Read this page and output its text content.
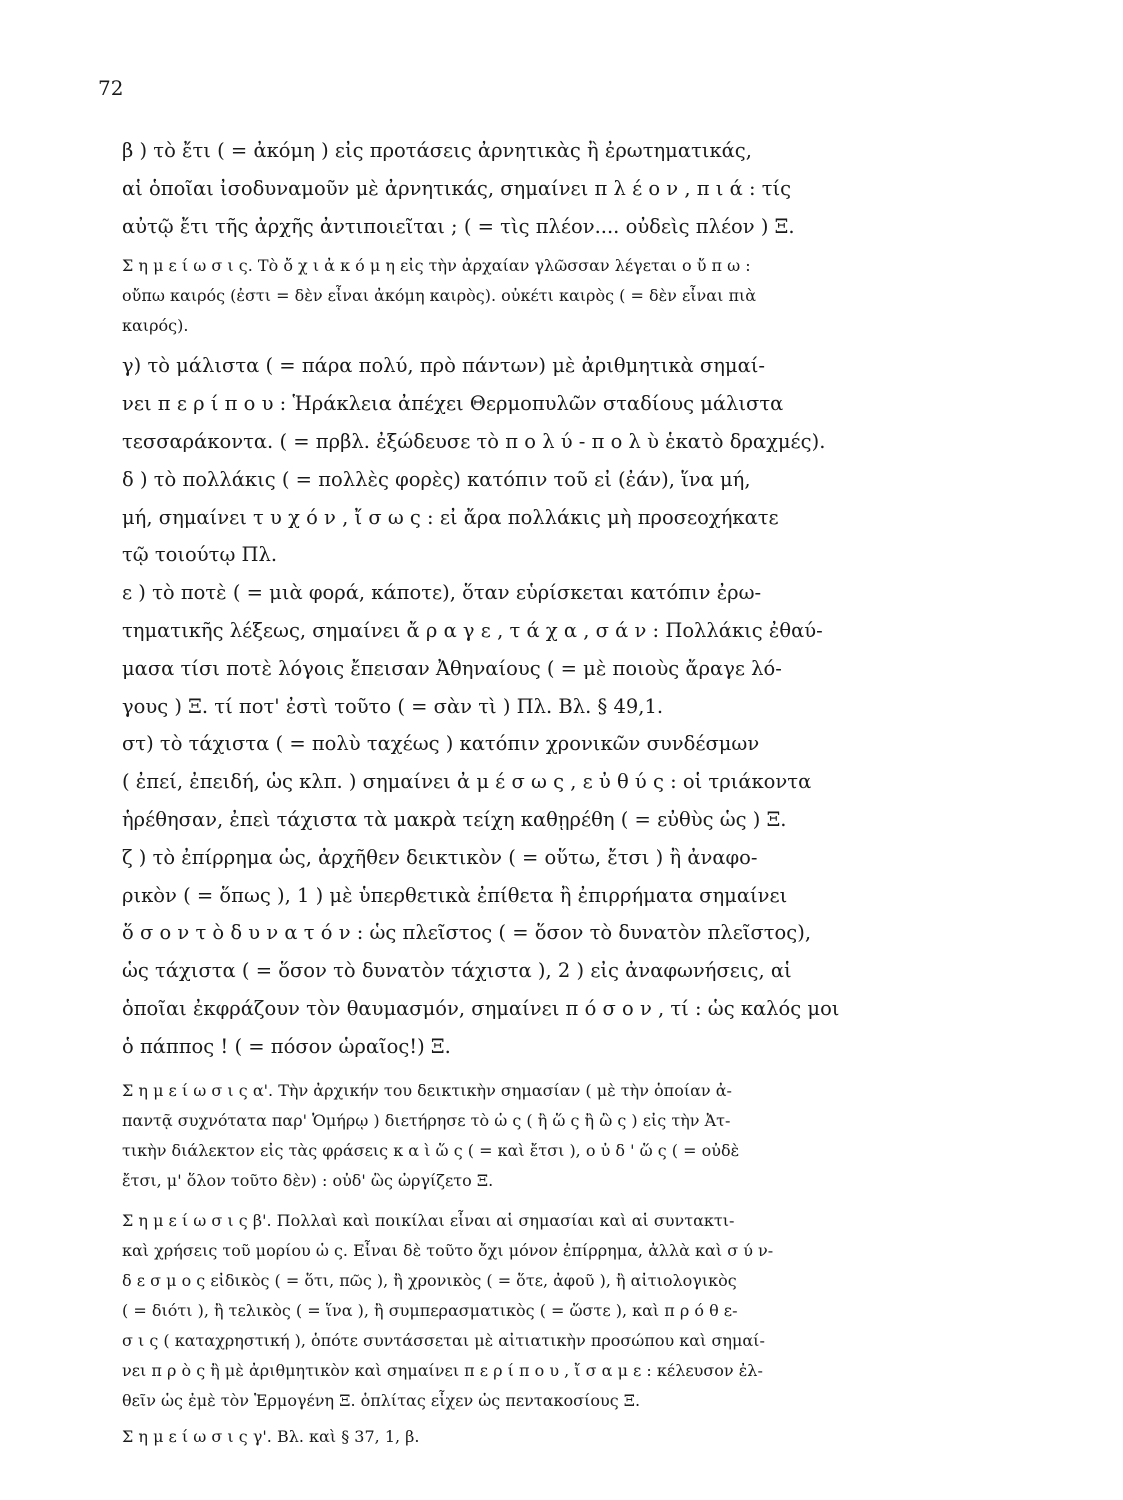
72
β ) τὸ ἔτι ( = ἀκόμη ) εἰς προτάσεις ἀρνητικὰς ἢ ἐρωτηματικάς,
αἱ ὁποῖαι ἰσοδυναμοῦν μὲ ἀρνητικάς, σημαίνει π λ έ ο ν , π ι ά : τίς
αὐτῷ ἔτι τῆς ἀρχῆς ἀντιποιεῖται ; ( = τὶς πλέον.... οὐδεὶς πλέον ) Ξ.
Σ η μ ε ί ω σ ι ς. Τὸ ὄ χ ι ἀ κ ό μ η εἰς τὴν ἀρχαίαν γλῶσσαν λέγεται ο ὔ π ω :
οὔπω καιρός (ἐστι = δὲν εἶναι ἀκόμη καιρὸς). οὐκέτι καιρὸς ( = δὲν εἶναι πιὰ
καιρός).
γ) τὸ μάλιστα ( = πάρα πολύ, πρὸ πάντων) μὲ ἀριθμητικὰ σημαί-
νει π ε ρ ί π ο υ : Ἡράκλεια ἀπέχει Θερμοπυλῶν σταδίους μάλιστα
τεσσαράκοντα. ( = πρβλ. ἐξώδευσε τὸ π ο λ ύ - π ο λ ὺ ἑκατὸ δραχμές).
δ ) τὸ πολλάκις ( = πολλὲς φορὲς) κατόπιν τοῦ εἰ (ἐάν), ἵνα μή,
μή, σημαίνει τ υ χ ό ν , ἴ σ ω ς : εἰ ἄρα πολλάκις μὴ προσεοχήκατε
τῷ τοιούτῳ Πλ.
ε ) τὸ ποτὲ ( = μιὰ φορά, κάποτε), ὅταν εὑρίσκεται κατόπιν ἐρω-
τηματικῆς λέξεως, σημαίνει ἄ ρ α γ ε , τ ά χ α , σ ά ν : Πολλάκις ἐθαύ-
μασα τίσι ποτὲ λόγοις ἔπεισαν Ἀθηναίους ( = μὲ ποιοὺς ἄραγε λό-
γους ) Ξ. τί ποτ' ἐστὶ τοῦτο ( = σὰν τὶ ) Πλ. Βλ. § 49,1.
στ) τὸ τάχιστα ( = πολὺ ταχέως ) κατόπιν χρονικῶν συνδέσμων
( ἐπεί, ἐπειδή, ὡς κλπ. ) σημαίνει ἀ μ έ σ ω ς , ε ὐ θ ύ ς : οἱ τριάκοντα
ἡρέθησαν, ἐπεὶ τάχιστα τὰ μακρὰ τείχη καθῃρέθη ( = εὐθὺς ὡς ) Ξ.
ζ ) τὸ ἐπίρρημα ὡς, ἀρχῆθεν δεικτικὸν ( = οὕτω, ἔτσι ) ἢ ἀναφο-
ρικὸν ( = ὅπως ), 1 ) μὲ ὑπερθετικὰ ἐπίθετα ἢ ἐπιρρήματα σημαίνει
ὅ σ ο ν τ ὸ δ υ ν α τ ό ν : ὡς πλεῖστος ( = ὅσον τὸ δυνατὸν πλεῖστος),
ὡς τάχιστα ( = ὅσον τὸ δυνατὸν τάχιστα ), 2 ) εἰς ἀναφωνήσεις, αἱ
ὁποῖαι ἐκφράζουν τὸν θαυμασμόν, σημαίνει π ό σ ο ν , τί : ὡς καλός μοι
ὁ πάππος ! ( = πόσον ὡραῖος!) Ξ.
Σ η μ ε ί ω σ ι ς α'. Τὴν ἀρχικήν του δεικτικὴν σημασίαν ( μὲ τὴν ὁποίαν ἀ-
παντᾷ συχνότατα παρ' Ὁμήρῳ ) διετήρησε τὸ ὡ ς ( ἢ ὥ ς ἢ ὣ ς ) εἰς τὴν Ἀτ-
τικὴν διάλεκτον εἰς τὰς φράσεις κ α ὶ ὥ ς ( = καὶ ἔτσι ), ο ὐ δ ' ὥ ς ( = οὐδὲ
ἔτσι, μ' ὅλον τοῦτο δὲν) : οὐδ' ὣς ὠργίζετο Ξ.
Σ η μ ε ί ω σ ι ς β'. Πολλαὶ καὶ ποικίλαι εἶναι αἱ σημασίαι καὶ αἱ συντακτι-
καὶ χρήσεις τοῦ μορίου ὡ ς. Εἶναι δὲ τοῦτο ὄχι μόνον ἐπίρρημα, ἀλλὰ καὶ σ ύ ν-
δ ε σ μ ο ς εἰδικὸς ( = ὅτι, πῶς ), ἢ χρονικὸς ( = ὅτε, ἀφοῦ ), ἢ αἰτιολογικὸς
( = διότι ), ἢ τελικὸς ( = ἵνα ), ἢ συμπερασματικὸς ( = ὥστε ), καὶ π ρ ό θ ε-
σ ι ς ( καταχρηστική ), ὁπότε συντάσσεται μὲ αἰτιατικὴν προσώπου καὶ σημαί-
νει π ρ ὸ ς ἢ μὲ ἀριθμητικὸν καὶ σημαίνει π ε ρ ί π ο υ , ἴ σ α μ ε : κέλευσον ἐλ-
θεῖν ὡς ἐμὲ τὸν Ἑρμογένη Ξ. ὁπλίτας εἶχεν ὡς πεντακοσίους Ξ.
Σ η μ ε ί ω σ ι ς γ'. Βλ. καὶ § 37, 1, β.
